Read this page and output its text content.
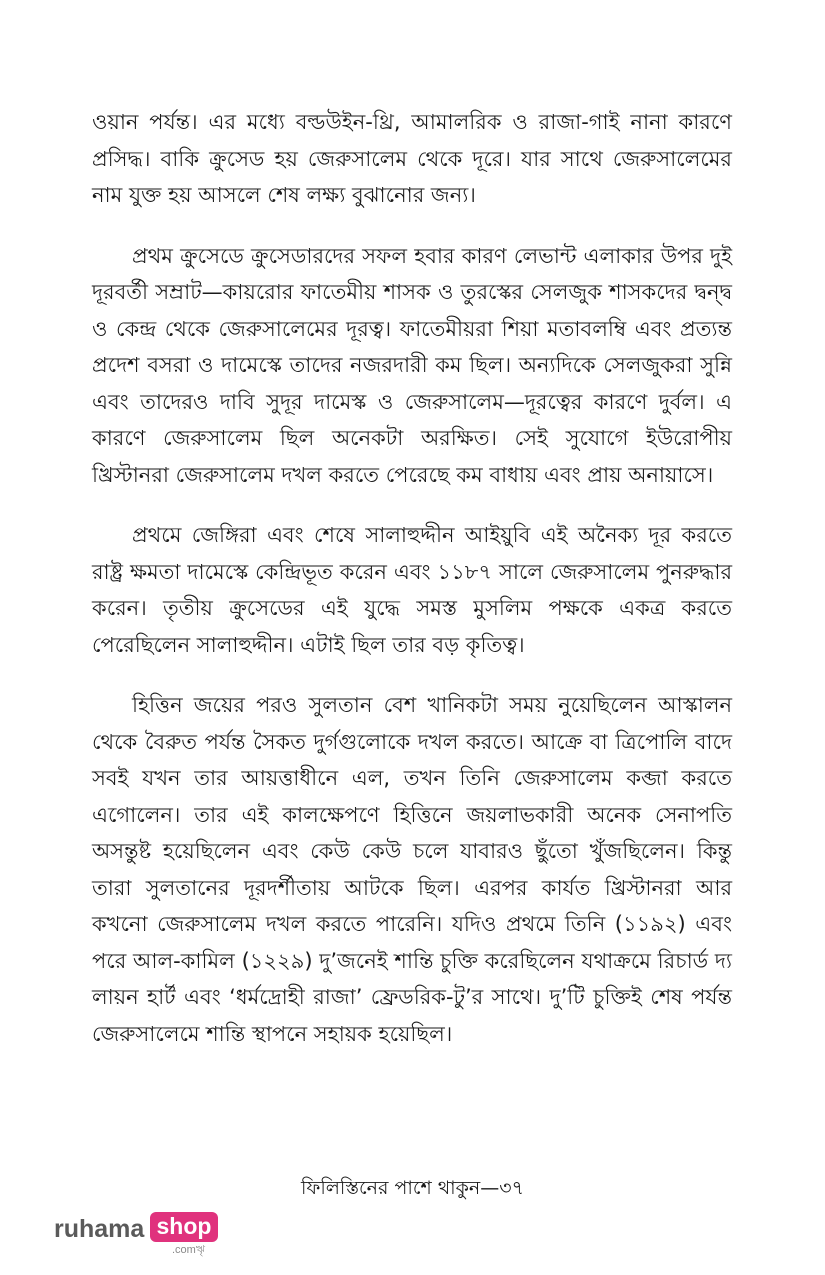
ওয়ান পর্যন্ত। এর মধ্যে বল্ডউইন-থ্রি, আমালরিক ও রাজা-গাই নানা কারণে প্রসিদ্ধ। বাকি ক্রুসেড হয় জেরুসালেম থেকে দূরে। যার সাথে জেরুসালেমের নাম যুক্ত হয় আসলে শেষ লক্ষ্য বুঝানোর জন্য।

প্রথম ক্রুসেডে ক্রুসেডারদের সফল হবার কারণ লেভান্ট এলাকার উপর দুই দূরবর্তী সম্রাট—কায়রোর ফাতেমীয় শাসক ও তুরস্কের সেলজুক শাসকদের দ্বন্দ্ব ও কেন্দ্র থেকে জেরুসালেমের দূরত্ব। ফাতেমীয়রা শিয়া মতাবলম্বি এবং প্রত্যন্ত প্রদেশ বসরা ও দামেস্কে তাদের নজরদারী কম ছিল। অন্যদিকে সেলজুকরা সুন্নি এবং তাদেরও দাবি সুদূর দামেস্ক ও জেরুসালেম—দূরত্বের কারণে দুর্বল। এ কারণে জেরুসালেম ছিল অনেকটা অরক্ষিত। সেই সুযোগে ইউরোপীয় খ্রিস্টানরা জেরুসালেম দখল করতে পেরেছে কম বাধায় এবং প্রায় অনায়াসে।

প্রথমে জেঙ্গিরা এবং শেষে সালাহুদ্দীন আইয়ুবি এই অনৈক্য দূর করতে রাষ্ট্র ক্ষমতা দামেস্কে কেন্দ্রিভূত করেন এবং ১১৮৭ সালে জেরুসালেম পুনরুদ্ধার করেন। তৃতীয় ক্রুসেডের এই যুদ্ধে সমস্ত মুসলিম পক্ষকে একত্র করতে পেরেছিলেন সালাহুদ্দীন। এটাই ছিল তার বড় কৃতিত্ব।

হিত্তিন জয়ের পরও সুলতান বেশ খানিকটা সময় নুয়েছিলেন আস্কালন থেকে বৈরুত পর্যন্ত সৈকত দুর্গগুলোকে দখল করতে। আক্রে বা ত্রিপোলি বাদে সবই যখন তার আয়ত্তাধীনে এল, তখন তিনি জেরুসালেম কব্জা করতে এগোলেন। তার এই কালক্ষেপণে হিত্তিনে জয়লাভকারী অনেক সেনাপতি অসন্তুষ্ট হয়েছিলেন এবং কেউ কেউ চলে যাবারও ছুঁতো খুঁজছিলেন। কিন্তু তারা সুলতানের দূরদর্শীতায় আটকে ছিল। এরপর কার্যত খ্রিস্টানরা আর কখনো জেরুসালেম দখল করতে পারেনি। যদিও প্রথমে তিনি (১১৯২) এবং পরে আল-কামিল (১২২৯) দু’জনেই শান্তি চুক্তি করেছিলেন যথাক্রমে রিচার্ড দ্য লায়ন হার্ট এবং ‘ধর্মদ্রোহী রাজা’ ফ্রেডরিক-টু’র সাথে। দু’টি চুক্তিই শেষ পর্যন্ত জেরুসালেমে শান্তি স্থাপনে সহায়ক হয়েছিল।

ফিলিস্তিনের পাশে থাকুন—৩৭
ruhama shop
.comৠ
